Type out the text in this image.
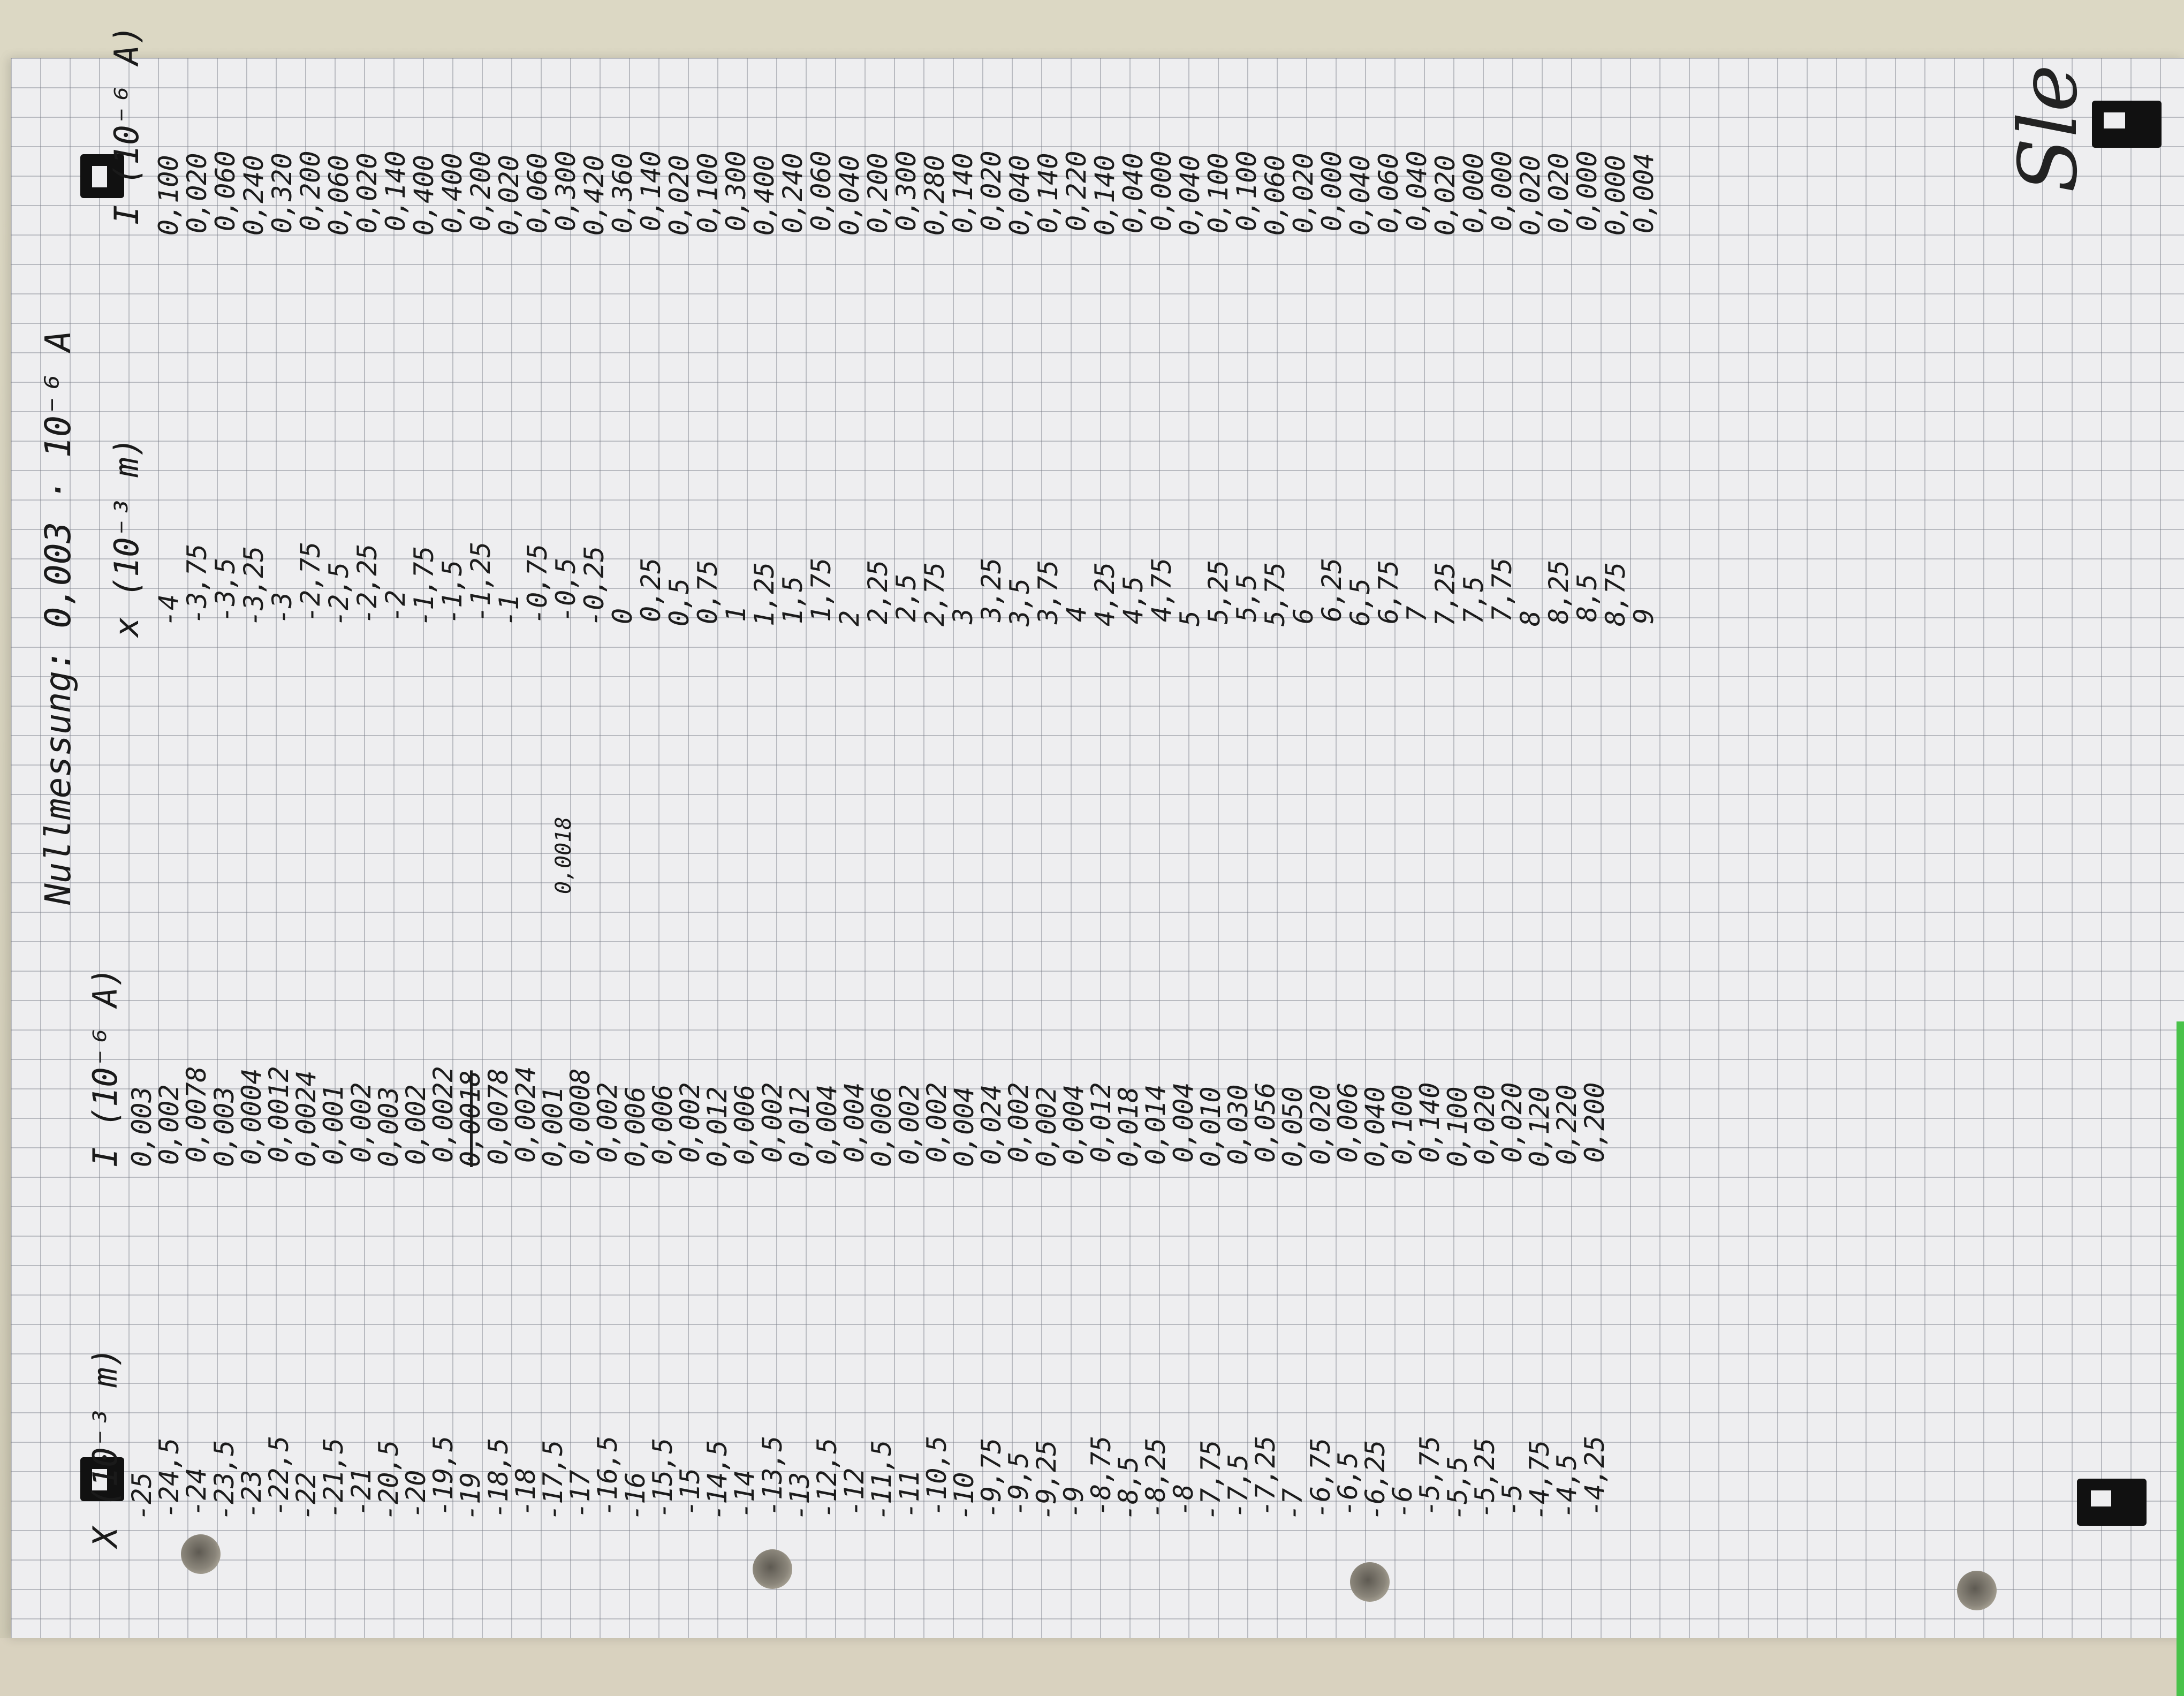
Nullmessung: 0,003 · 10⁻⁶ A
X (10⁻³ m)
I (10⁻⁶ A)
x (10⁻³ m)
I (10⁻⁶ A)
-25
-24,5
-24
-23,5
-23
-22,5
-22
-21,5
-21
-20,5
-20
-19,5
-19
-18,5
-18
-17,5
-17
-16,5
-16
-15,5
-15
-14,5
-14
-13,5
-13
-12,5
-12
-11,5
-11
-10,5
-10
-9,75
-9,5
-9,25
-9
-8,75
-8,5
-8,25
-8
-7,75
-7,5
-7,25
-7
-6,75
-6,5
-6,25
-6
-5,75
-5,5
-5,25
-5
-4,75
-4,5
-4,25
0,003
0,002
0,0078
0,003
0,0004
0,0012
0,0024
0,001
0,002
0,003
0,002
0,0022
0,0018
0,0078
0,0024
0,001
0,0008
0,002
0,006
0,006
0,002
0,012
0,006
0,002
0,012
0,004
0,004
0,006
0,002
0,002
0,004
0,024
0,002
0,002
0,004
0,012
0,018
0,014
0,004
0,010
0,030
0,056
0,050
0,020
0,006
0,040
0,100
0,140
0,100
0,020
0,020
0,120
0,220
0,200
-4
-3,75
-3,5
-3,25
-3
-2,75
-2,5
-2,25
-2
-1,75
-1,5
-1,25
-1
-0,75
-0,5
-0,25
0
0,25
0,5
0,75
1
1,25
1,5
1,75
2
2,25
2,5
2,75
3
3,25
3,5
3,75
4
4,25
4,5
4,75
5
5,25
5,5
5,75
6
6,25
6,5
6,75
7
7,25
7,5
7,75
8
8,25
8,5
8,75
9
0,100
0,020
0,060
0,240
0,320
0,200
0,060
0,020
0,140
0,400
0,400
0,200
0,020
0,060
0,300
0,420
0,360
0,140
0,020
0,100
0,300
0,400
0,240
0,060
0,040
0,200
0,300
0,280
0,140
0,020
0,040
0,140
0,220
0,140
0,040
0,000
0,040
0,100
0,100
0,060
0,020
0,000
0,040
0,060
0,040
0,020
0,000
0,000
0,020
0,020
0,000
0,000
0,004
0,0018
Sle
